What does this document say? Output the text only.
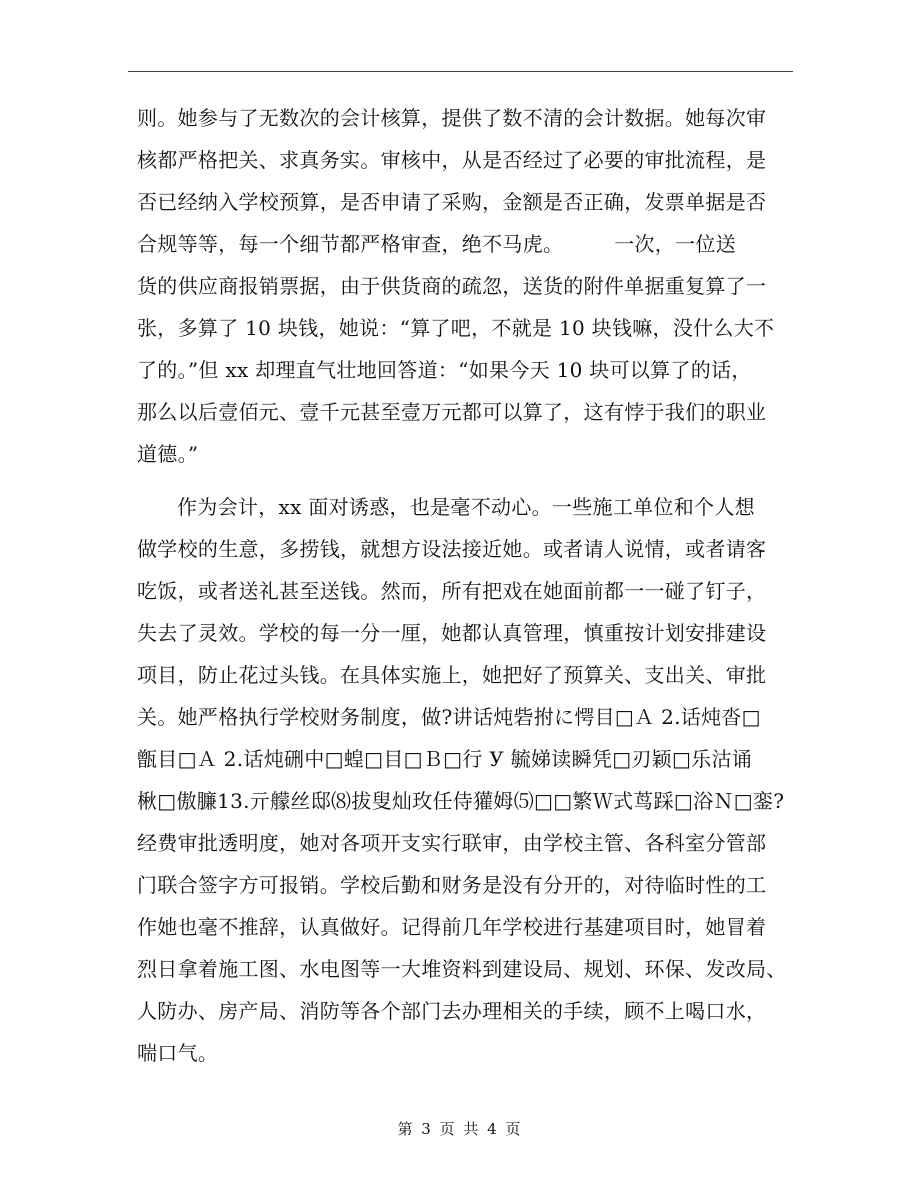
则。她参与了无数次的会计核算，提供了数不清的会计数据。她每次审
核都严格把关、求真务实。审核中，从是否经过了必要的审批流程，是
否已经纳入学校预算，是否申请了采购，金额是否正确，发票单据是否
合规等等，每一个细节都严格审查，绝不马虎。　　　一次，一位送
货的供应商报销票据，由于供货商的疏忽，送货的附件单据重复算了一
张，多算了 10 块钱，她说：“算了吧，不就是 10 块钱嘛，没什么大不
了的。”但 xx 却理直气壮地回答道：“如果今天 10 块可以算了的话，
那么以后壹佰元、壹千元甚至壹万元都可以算了，这有悖于我们的职业
道德。”
作为会计，xx 面对诱惑，也是毫不动心。一些施工单位和个人想
做学校的生意，多捞钱，就想方设法接近她。或者请人说情，或者请客
吃饭，或者送礼甚至送钱。然而，所有把戏在她面前都一一碰了钉子，
失去了灵效。学校的每一分一厘，她都认真管理，慎重按计划安排建设
项目，防止花过头钱。在具体实施上，她把好了预算关、支出关、审批
关。她严格执行学校财务制度，做?讲话炖砦拊に愕目□Ａ 2.话炖沓□
甑目□Ａ 2.话炖硎中□蝗□目□Ｂ□行 У 毓娣读瞬凭□刃颖□乐沽诵
楸□傲臁13.亓艨丝邸⑻拔叟灿玫任侍獾姆⑸□□繁Ｗ式茑踩□浴Ｎ□銮?
经费审批透明度，她对各项开支实行联审，由学校主管、各科室分管部
门联合签字方可报销。学校后勤和财务是没有分开的，对待临时性的工
作她也毫不推辞，认真做好。记得前几年学校进行基建项目时，她冒着
烈日拿着施工图、水电图等一大堆资料到建设局、规划、环保、发改局、
人防办、房产局、消防等各个部门去办理相关的手续，顾不上喝口水，
喘口气。
第 3 页 共 4 页
